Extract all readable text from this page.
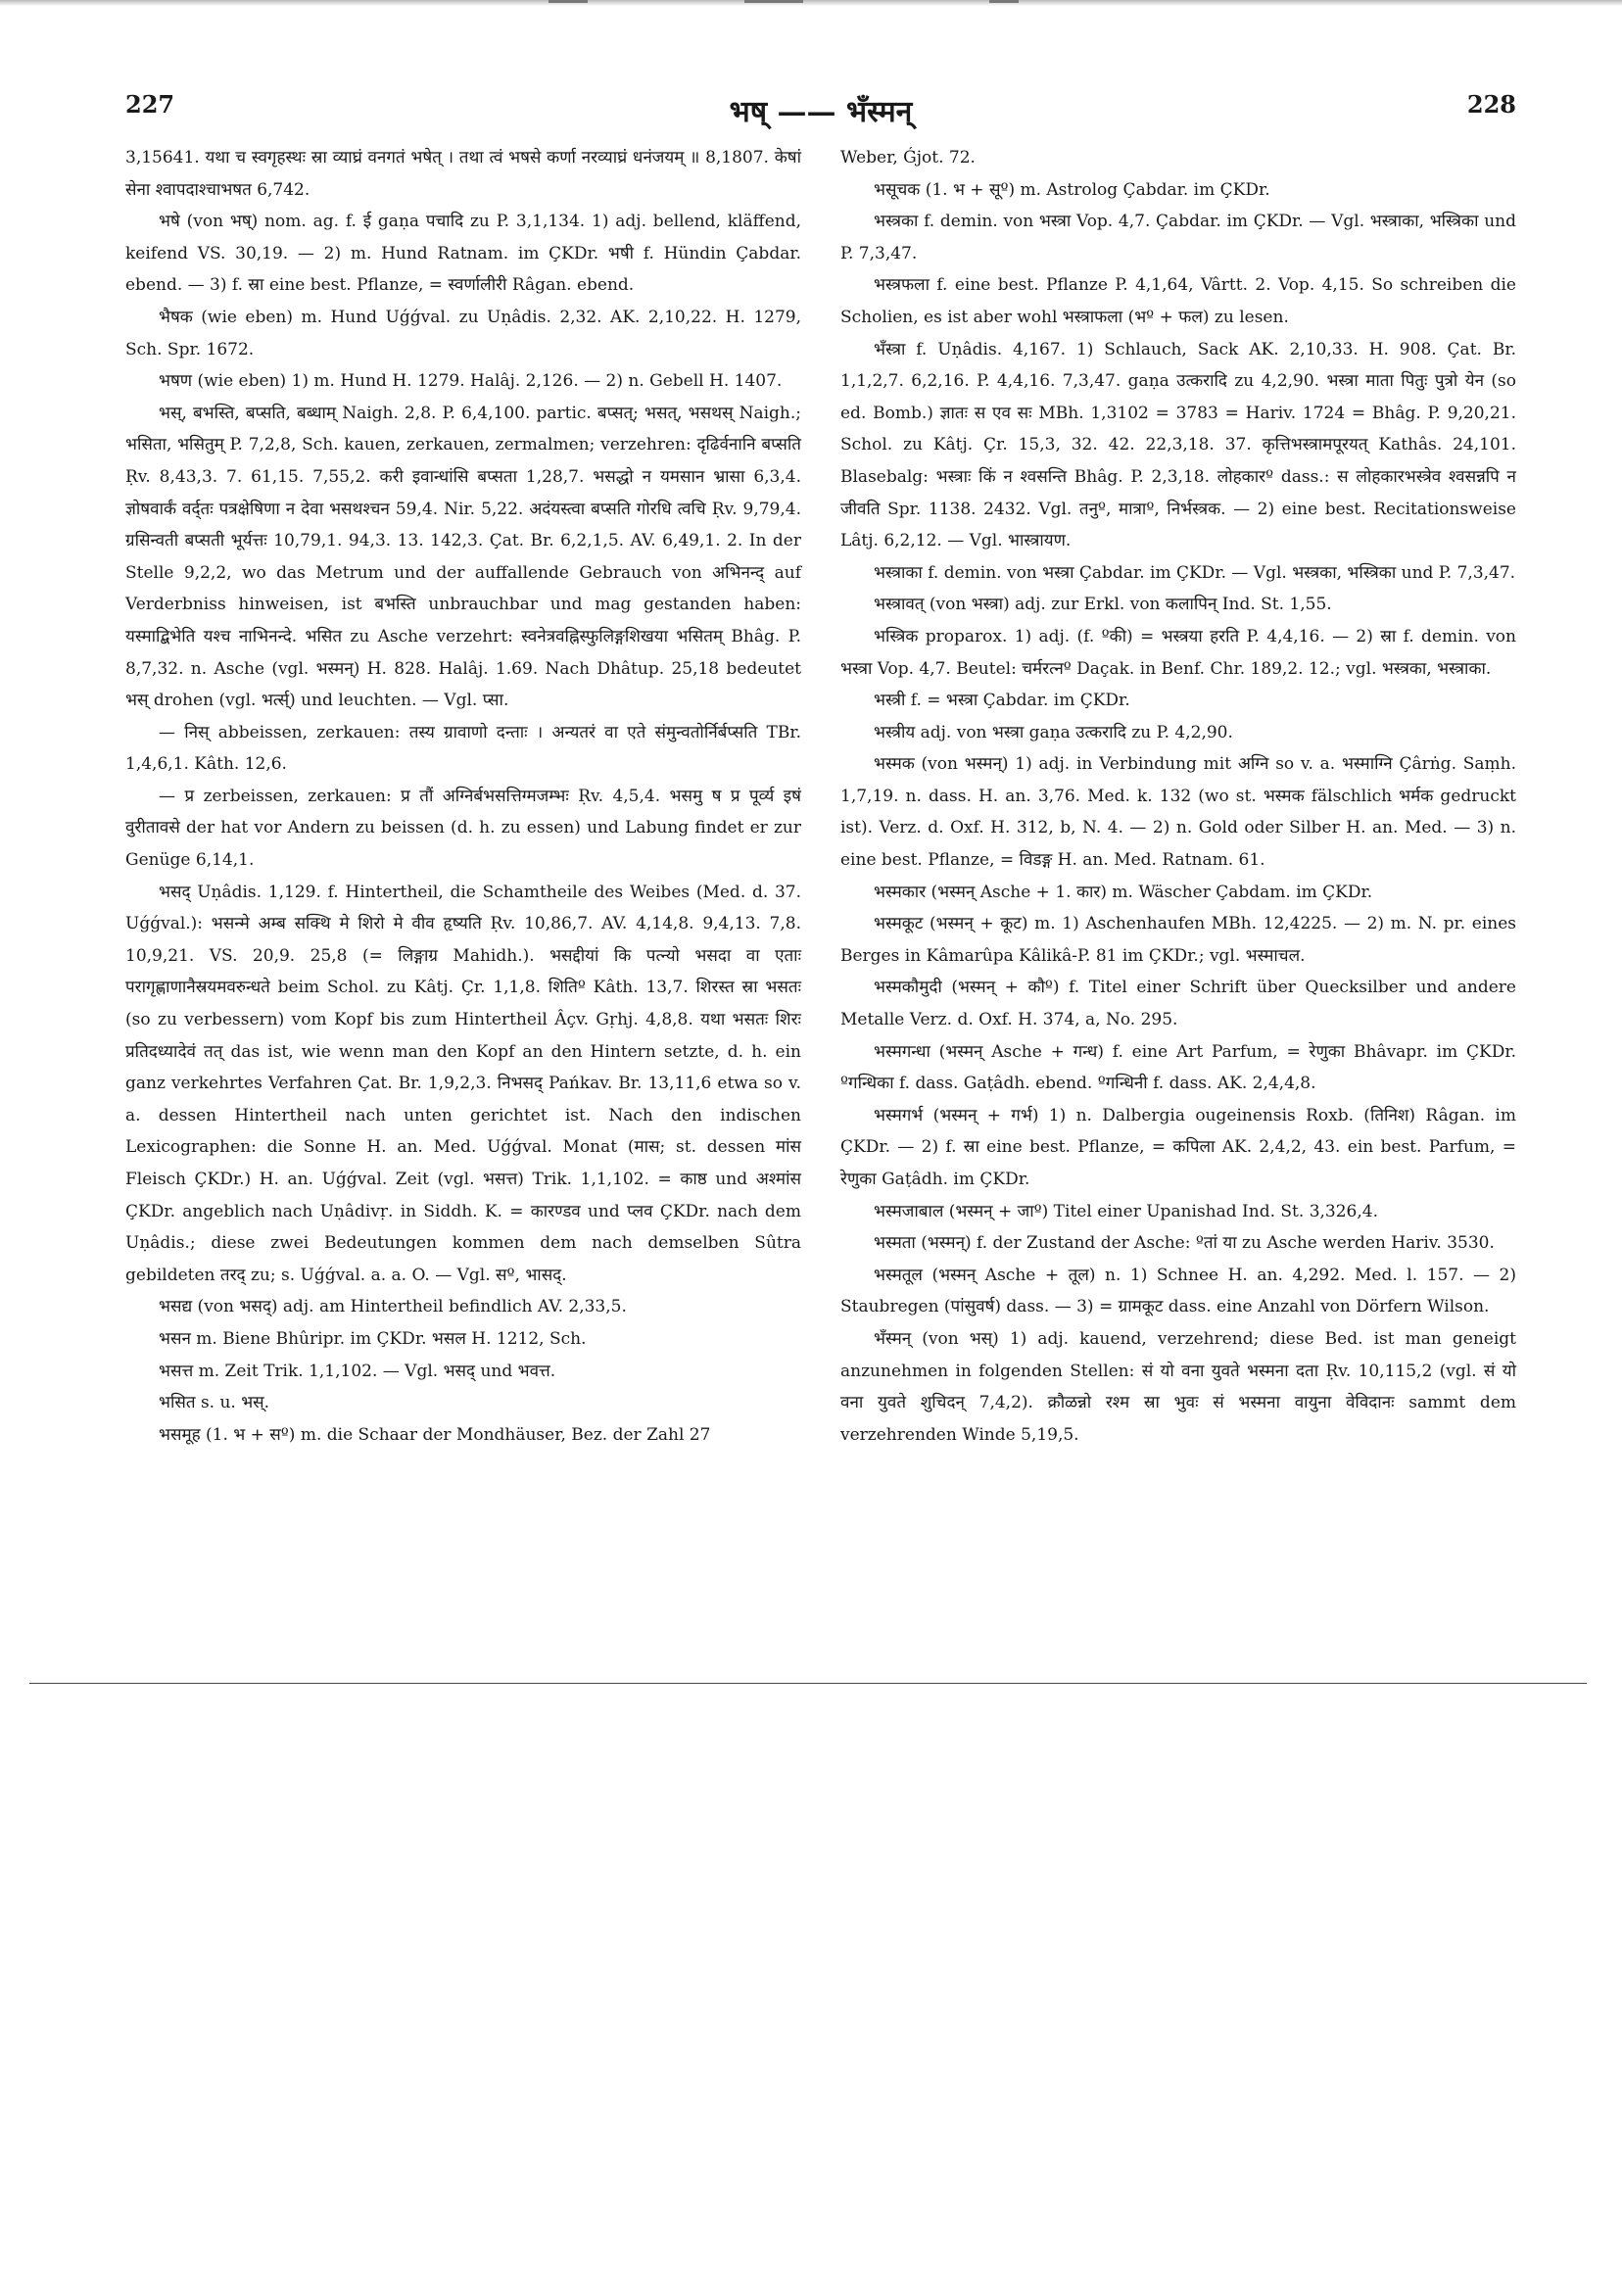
227	भष् —— भँस्मन्	228

3,15641. यथा च स्वगृहस्थः स्रा व्याघ्रं वनगतं भषेत् । तथा त्वं भषसे कर्णा नरव्याघ्रं धनंजयम् ॥ 8,1807. केषां सेना श्वापदाश्चाभषत 6,742.

भषे (von भष्) nom. ag. f. ई gaṇa पचादि zu P. 3,1,134. 1) adj. bellend, kläffend, keifend VS. 30,19. — 2) m. Hund Ratnam. im ÇKDr. भषी f. Hündin Çabdar. ebend. — 3) f. स्रा eine best. Pflanze, = स्वर्णालीरी Râgan. ebend.

भैषक (wie eben) m. Hund Uǵǵval. zu Uṇâdis. 2,32. AK. 2,10,22. H. 1279, Sch. Spr. 1672.

भषण (wie eben) 1) m. Hund H. 1279. Halâj. 2,126. — 2) n. Gebell H. 1407.

भस्, बभस्ति, बप्सति, बब्धाम् Naigh. 2,8. P. 6,4,100. partic. बप्सत्; भसत्, भसथस् Naigh.; भसिता, भसितुम् P. 7,2,8, Sch. kauen, zerkauen, zermalmen; verzehren: दृढिर्वनानि बप्सति Ṛv. 8,43,3. 7. 61,15. 7,55,2. करी इवान्धांसि बप्सता 1,28,7. भसद्धो न यमसान भ्रासा 6,3,4. ज्ञोषवार्कं वर्द्तः पत्रक्षेषिणा न देवा भसथश्चन 59,4. Nir. 5,22. अदंयस्त्वा बप्सति गोरधि त्वचि Ṛv. 9,79,4. ग्रसिन्वती बप्सती भूर्यत्तः 10,79,1. 94,3. 13. 142,3. Çat. Br. 6,2,1,5. AV. 6,49,1. 2. In der Stelle 9,2,2, wo das Metrum und der auffallende Gebrauch von अभिनन्द् auf Verderbniss hinweisen, ist बभस्ति unbrauchbar und mag gestanden haben: यस्माद्बिभेति यश्च नाभिनन्दे. भसित zu Asche verzehrt: स्वनेत्रवह्निस्फुलिङ्गशिखया भसितम् Bhâg. P. 8,7,32. n. Asche (vgl. भस्मन्) H. 828. Halâj. 1.69. Nach Dhâtup. 25,18 bedeutet भस् drohen (vgl. भर्त्स्) und leuchten. — Vgl. प्सा.

— निस् abbeissen, zerkauen: तस्य ग्रावाणो दन्ताः । अन्यतरं वा एते संमुन्वतोर्निर्बप्सति TBr. 1,4,6,1. Kâth. 12,6.

— प्र zerbeissen, zerkauen: प्र तौं अग्निर्बभसत्तिग्मजम्भः Ṛv. 4,5,4. भसमु ष प्र पूर्व्य इषं वुरीतावसे der hat vor Andern zu beissen (d. h. zu essen) und Labung findet er zur Genüge 6,14,1.

भसद् Uṇâdis. 1,129. f. Hintertheil, die Schamtheile des Weibes (Med. d. 37. Uǵǵval.): भसन्मे अम्ब सक्थि मे शिरो मे वीव हृष्यति Ṛv. 10,86,7. AV. 4,14,8. 9,4,13. 7,8. 10,9,21. VS. 20,9. 25,8 (= लिङ्गाग्र Mahidh.). भसद्दीयां कि पत्न्यो भसदा वा एताः परागृह्णाणानैस्रयमवरुन्धते beim Schol. zu Kâtj. Çr. 1,1,8. शितिº Kâth. 13,7. शिरस्त स्रा भसतः (so zu verbessern) vom Kopf bis zum Hintertheil Âçv. Gṛhj. 4,8,8. यथा भसतः शिरः प्रतिदध्यादेवं तत् das ist, wie wenn man den Kopf an den Hintern setzte, d. h. ein ganz verkehrtes Verfahren Çat. Br. 1,9,2,3. निभसद् Pańkav. Br. 13,11,6 etwa so v. a. dessen Hintertheil nach unten gerichtet ist. Nach den indischen Lexicographen: die Sonne H. an. Med. Uǵǵval. Monat (मास; st. dessen मांस Fleisch ÇKDr.) H. an. Uǵǵval. Zeit (vgl. भसत्त) Trik. 1,1,102. = काष्ठ und अश्मांस ÇKDr. angeblich nach Uṇâdivṛ. in Siddh. K. = कारण्डव und प्लव ÇKDr. nach dem Uṇâdis.; diese zwei Bedeutungen kommen dem nach demselben Sûtra gebildeten तरद् zu; s. Uǵǵval. a. a. O. — Vgl. सº, भासद्.

भसद्य (von भसद्) adj. am Hintertheil befindlich AV. 2,33,5.

भसन m. Biene Bhûripr. im ÇKDr. भसल H. 1212, Sch.

भसत्त m. Zeit Trik. 1,1,102. — Vgl. भसद् und भवत्त.

भसित s. u. भस्.

भसमूह (1. भ + सº) m. die Schaar der Mondhäuser, Bez. der Zahl 27

Weber, Ǵjot. 72.

भसूचक (1. भ + सूº) m. Astrolog Çabdar. im ÇKDr.

भस्त्रका f. demin. von भस्त्रा Vop. 4,7. Çabdar. im ÇKDr. — Vgl. भस्त्राका, भस्त्रिका und P. 7,3,47.

भस्त्रफला f. eine best. Pflanze P. 4,1,64, Vârtt. 2. Vop. 4,15. So schreiben die Scholien, es ist aber wohl भस्त्राफला (भº + फल) zu lesen.

भँस्त्रा f. Uṇâdis. 4,167. 1) Schlauch, Sack AK. 2,10,33. H. 908. Çat. Br. 1,1,2,7. 6,2,16. P. 4,4,16. 7,3,47. gaṇa उत्करादि zu 4,2,90. भस्त्रा माता पितुः पुत्रो येन (so ed. Bomb.) ज्ञातः स एव सः MBh. 1,3102 = 3783 = Hariv. 1724 = Bhâg. P. 9,20,21. Schol. zu Kâtj. Çr. 15,3, 32. 42. 22,3,18. 37. कृत्तिभस्त्रामपूरयत् Kathâs. 24,101. Blasebalg: भस्त्राः किं न श्वसन्ति Bhâg. P. 2,3,18. लोहकारº dass.: स लोहकारभस्त्रेव श्वसन्नपि न जीवति Spr. 1138. 2432. Vgl. तनुº, मात्राº, निर्भस्त्रक. — 2) eine best. Recitationsweise Lâtj. 6,2,12. — Vgl. भास्त्रायण.

भस्त्राका f. demin. von भस्त्रा Çabdar. im ÇKDr. — Vgl. भस्त्रका, भस्त्रिका und P. 7,3,47.

भस्त्रावत् (von भस्त्रा) adj. zur Erkl. von कलापिन् Ind. St. 1,55.

भस्त्रिक proparox. 1) adj. (f. ºकी) = भस्त्रया हरति P. 4,4,16. — 2) स्रा f. demin. von भस्त्रा Vop. 4,7. Beutel: चर्मरत्नº Daçak. in Benf. Chr. 189,2. 12.; vgl. भस्त्रका, भस्त्राका.

भस्त्री f. = भस्त्रा Çabdar. im ÇKDr.

भस्त्रीय adj. von भस्त्रा gaṇa उत्करादि zu P. 4,2,90.

भस्मक (von भस्मन्) 1) adj. in Verbindung mit अग्नि so v. a. भस्माग्नि Çârṅg. Saṃh. 1,7,19. n. dass. H. an. 3,76. Med. k. 132 (wo st. भस्मक fälschlich भर्मक gedruckt ist). Verz. d. Oxf. H. 312, b, N. 4. — 2) n. Gold oder Silber H. an. Med. — 3) n. eine best. Pflanze, = विडङ्ग H. an. Med. Ratnam. 61.

भस्मकार (भस्मन् Asche + 1. कार) m. Wäscher Çabdam. im ÇKDr.

भस्मकूट (भस्मन् + कूट) m. 1) Aschenhaufen MBh. 12,4225. — 2) m. N. pr. eines Berges in Kâmarûpa Kâlikâ-P. 81 im ÇKDr.; vgl. भस्माचल.

भस्मकौमुदी (भस्मन् + कौº) f. Titel einer Schrift über Quecksilber und andere Metalle Verz. d. Oxf. H. 374, a, No. 295.

भस्मगन्धा (भस्मन् Asche + गन्ध) f. eine Art Parfum, = रेणुका Bhâvapr. im ÇKDr. ºगन्धिका f. dass. Gaṭâdh. ebend. ºगन्धिनी f. dass. AK. 2,4,4,8.

भस्मगर्भ (भस्मन् + गर्भ) 1) n. Dalbergia ougeinensis Roxb. (तिनिश) Râgan. im ÇKDr. — 2) f. स्रा eine best. Pflanze, = कपिला AK. 2,4,2, 43. ein best. Parfum, = रेणुका Gaṭâdh. im ÇKDr.

भस्मजाबाल (भस्मन् + जाº) Titel einer Upanishad Ind. St. 3,326,4.

भस्मता (भस्मन्) f. der Zustand der Asche: ºतां या zu Asche werden Hariv. 3530.

भस्मतूल (भस्मन् Asche + तूल) n. 1) Schnee H. an. 4,292. Med. l. 157. — 2) Staubregen (पांसुवर्ष) dass. — 3) = ग्रामकूट dass. eine Anzahl von Dörfern Wilson.

भँस्मन् (von भस्) 1) adj. kauend, verzehrend; diese Bed. ist man geneigt anzunehmen in folgenden Stellen: सं यो वना युवते भस्मना दता Ṛv. 10,115,2 (vgl. सं यो वना युवते शुचिदन् 7,4,2). क्रौळन्नो रश्म स्रा भुवः सं भस्मना वायुना वेविदानः sammt dem verzehrenden Winde 5,19,5.
